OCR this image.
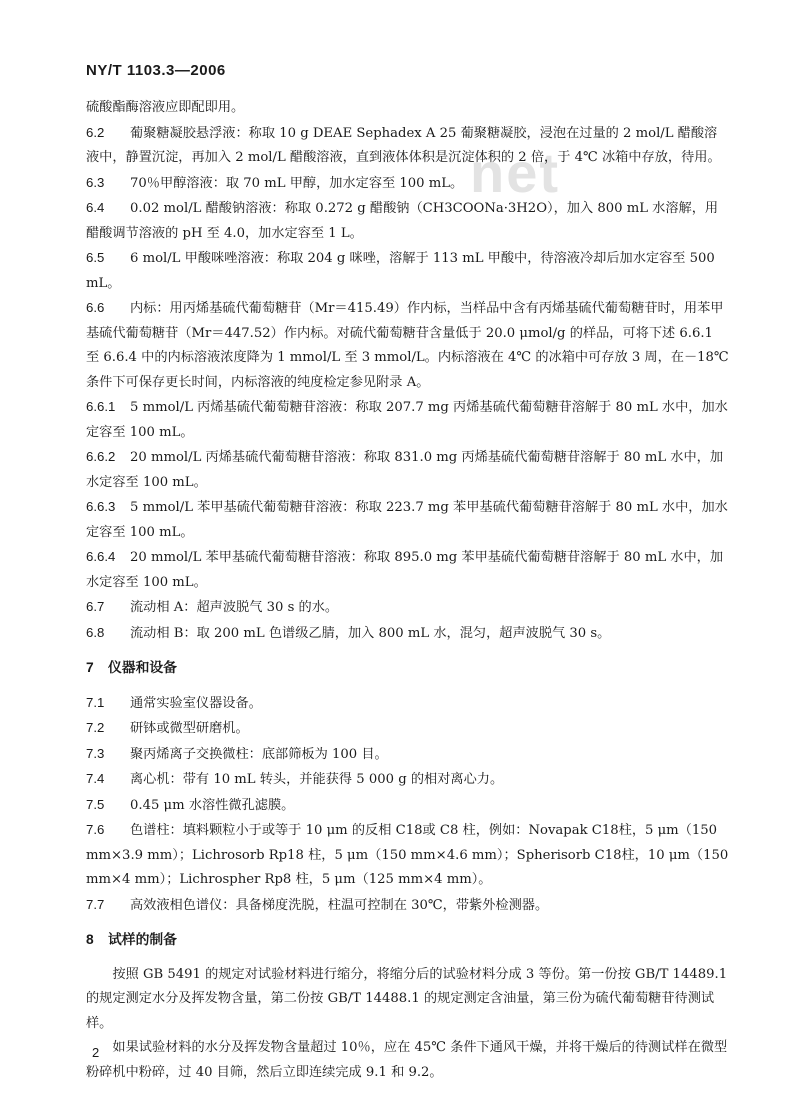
NY/T 1103.3—2006
net

硫酸酯酶溶液应即配即用。

6.2 葡聚糖凝胶悬浮液：称取 10 g DEAE Sephadex A 25 葡聚糖凝胶，浸泡在过量的 2 mol/L 醋酸溶液中，静置沉淀，再加入 2 mol/L 醋酸溶液，直到液体体积是沉淀体积的 2 倍，于 4℃ 冰箱中存放，待用。

6.3 70％甲醇溶液：取 70 mL 甲醇，加水定容至 100 mL。

6.4 0.02 mol/L 醋酸钠溶液：称取 0.272 g 醋酸钠（CH3COONa·3H2O），加入 800 mL 水溶解，用醋酸调节溶液的 pH 至 4.0，加水定容至 1 L。

6.5 6 mol/L 甲酸咪唑溶液：称取 204 g 咪唑，溶解于 113 mL 甲酸中，待溶液冷却后加水定容至 500 mL。

6.6 内标：用丙烯基硫代葡萄糖苷（Mr＝415.49）作内标，当样品中含有丙烯基硫代葡萄糖苷时，用苯甲基硫代葡萄糖苷（Mr＝447.52）作内标。对硫代葡萄糖苷含量低于 20.0 μmol/g 的样品，可将下述 6.6.1 至 6.6.4 中的内标溶液浓度降为 1 mmol/L 至 3 mmol/L。内标溶液在 4℃ 的冰箱中可存放 3 周，在－18℃ 条件下可保存更长时间，内标溶液的纯度检定参见附录 A。

6.6.1 5 mmol/L 丙烯基硫代葡萄糖苷溶液：称取 207.7 mg 丙烯基硫代葡萄糖苷溶解于 80 mL 水中，加水定容至 100 mL。

6.6.2 20 mmol/L 丙烯基硫代葡萄糖苷溶液：称取 831.0 mg 丙烯基硫代葡萄糖苷溶解于 80 mL 水中，加水定容至 100 mL。

6.6.3 5 mmol/L 苯甲基硫代葡萄糖苷溶液：称取 223.7 mg 苯甲基硫代葡萄糖苷溶解于 80 mL 水中，加水定容至 100 mL。

6.6.4 20 mmol/L 苯甲基硫代葡萄糖苷溶液：称取 895.0 mg 苯甲基硫代葡萄糖苷溶解于 80 mL 水中，加水定容至 100 mL。

6.7 流动相 A：超声波脱气 30 s 的水。

6.8 流动相 B：取 200 mL 色谱级乙腈，加入 800 mL 水，混匀，超声波脱气 30 s。

7 仪器和设备

7.1 通常实验室仪器设备。

7.2 研钵或微型研磨机。

7.3 聚丙烯离子交换微柱：底部筛板为 100 目。

7.4 离心机：带有 10 mL 转头，并能获得 5 000 g 的相对离心力。

7.5 0.45 μm 水溶性微孔滤膜。

7.6 色谱柱：填料颗粒小于或等于 10 μm 的反相 C18或 C8 柱，例如：Novapak C18柱，5 μm（150 mm×3.9 mm）；Lichrosorb Rp18 柱，5 μm（150 mm×4.6 mm）；Spherisorb C18柱，10 μm（150 mm×4 mm）；Lichrospher Rp8 柱，5 μm（125 mm×4 mm）。

7.7 高效液相色谱仪：具备梯度洗脱，柱温可控制在 30℃，带紫外检测器。

8 试样的制备

按照 GB 5491 的规定对试验材料进行缩分，将缩分后的试验材料分成 3 等份。第一份按 GB/T 14489.1 的规定测定水分及挥发物含量，第二份按 GB/T 14488.1 的规定测定含油量，第三份为硫代葡萄糖苷待测试样。

如果试验材料的水分及挥发物含量超过 10％，应在 45℃ 条件下通风干燥，并将干燥后的待测试样在微型粉碎机中粉碎，过 40 目筛，然后立即连续完成 9.1 和 9.2。

2
